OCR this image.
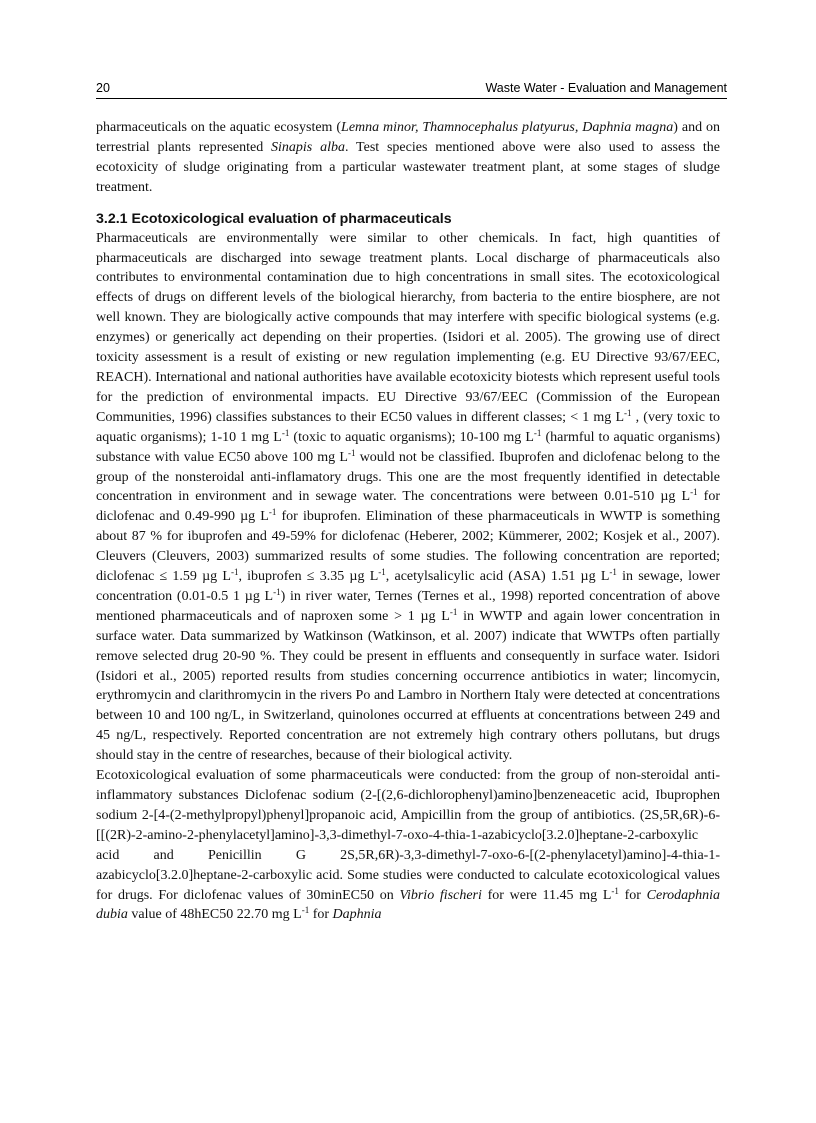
20	Waste Water - Evaluation and Management

pharmaceuticals on the aquatic ecosystem (Lemna minor, Thamnocephalus platyurus, Daphnia magna) and on terrestrial plants represented Sinapis alba. Test species mentioned above were also used to assess the ecotoxicity of sludge originating from a particular wastewater treatment plant, at some stages of sludge treatment.

3.2.1 Ecotoxicological evaluation of pharmaceuticals

Pharmaceuticals are environmentally were similar to other chemicals. In fact, high quantities of pharmaceuticals are discharged into sewage treatment plants. Local discharge of pharmaceuticals also contributes to environmental contamination due to high concentrations in small sites. The ecotoxicological effects of drugs on different levels of the biological hierarchy, from bacteria to the entire biosphere, are not well known. They are biologically active compounds that may interfere with specific biological systems (e.g. enzymes) or generically act depending on their properties. (Isidori et al. 2005). The growing use of direct toxicity assessment is a result of existing or new regulation implementing (e.g. EU Directive 93/67/EEC, REACH). International and national authorities have available ecotoxicity biotests which represent useful tools for the prediction of environmental impacts. EU Directive 93/67/EEC (Commission of the European Communities, 1996) classifies substances to their EC50 values in different classes; < 1 mg $L^{-1}$ , (very toxic to aquatic organisms); 1-10 1 mg $L^{-1}$ (toxic to aquatic organisms); 10-100 mg $L^{-1}$ (harmful to aquatic organisms) substance with value EC50 above 100 mg $L^{-1}$ would not be classified. Ibuprofen and diclofenac belong to the group of the nonsteroidal anti-inflamatory drugs. This one are the most frequently identified in detectable concentration in environment and in sewage water. The concentrations were between 0.01-510 µg $L^{-1}$ for diclofenac and 0.49-990 µg $L^{-1}$ for ibuprofen. Elimination of these pharmaceuticals in WWTP is something about 87 % for ibuprofen and 49-59% for diclofenac (Heberer, 2002; Kümmerer, 2002; Kosjek et al., 2007). Cleuvers (Cleuvers, 2003) summarized results of some studies. The following concentration are reported; diclofenac ≤ 1.59 µg $L^{-1}$, ibuprofen ≤ 3.35 µg $L^{-1}$, acetylsalicylic acid (ASA) 1.51 µg $L^{-1}$ in sewage, lower concentration (0.01-0.5 1 µg $L^{-1}$) in river water, Ternes (Ternes et al., 1998) reported concentration of above mentioned pharmaceuticals and of naproxen some > 1 µg $L^{-1}$ in WWTP and again lower concentration in surface water. Data summarized by Watkinson (Watkinson, et al. 2007) indicate that WWTPs often partially remove selected drug 20-90 %. They could be present in effluents and consequently in surface water. Isidori (Isidori et al., 2005) reported results from studies concerning occurrence antibiotics in water; lincomycin, erythromycin and clarithromycin in the rivers Po and Lambro in Northern Italy were detected at concentrations between 10 and 100 ng/L, in Switzerland, quinolones occurred at effluents at concentrations between 249 and 45 ng/L, respectively. Reported concentration are not extremely high contrary others pollutans, but drugs should stay in the centre of researches, because of their biological activity.

Ecotoxicological evaluation of some pharmaceuticals were conducted: from the group of non-steroidal anti-inflammatory substances Diclofenac sodium (2-[(2,6-dichlorophenyl)amino]benzeneacetic acid, Ibuprophen sodium 2-[4-(2-methylpropyl)phenyl]propanoic acid, Ampicillin from the group of antibiotics. (2S,5R,6R)-6-[[(2R)-2-amino-2-phenylacetyl]amino]-3,3-dimethyl-7-oxo-4-thia-1-azabicyclo[3.2.0]heptane-2-carboxylic acid and Penicillin G 2S,5R,6R)-3,3-dimethyl-7-oxo-6-[(2-phenylacetyl)amino]-4-thia-1-azabicyclo[3.2.0]heptane-2-carboxylic acid. Some studies were conducted to calculate ecotoxicological values for drugs. For diclofenac values of 30minEC50 on Vibrio fischeri for were 11.45 mg $L^{-1}$ for Cerodaphnia dubia value of 48hEC50 22.70 mg $L^{-1}$ for Daphnia
